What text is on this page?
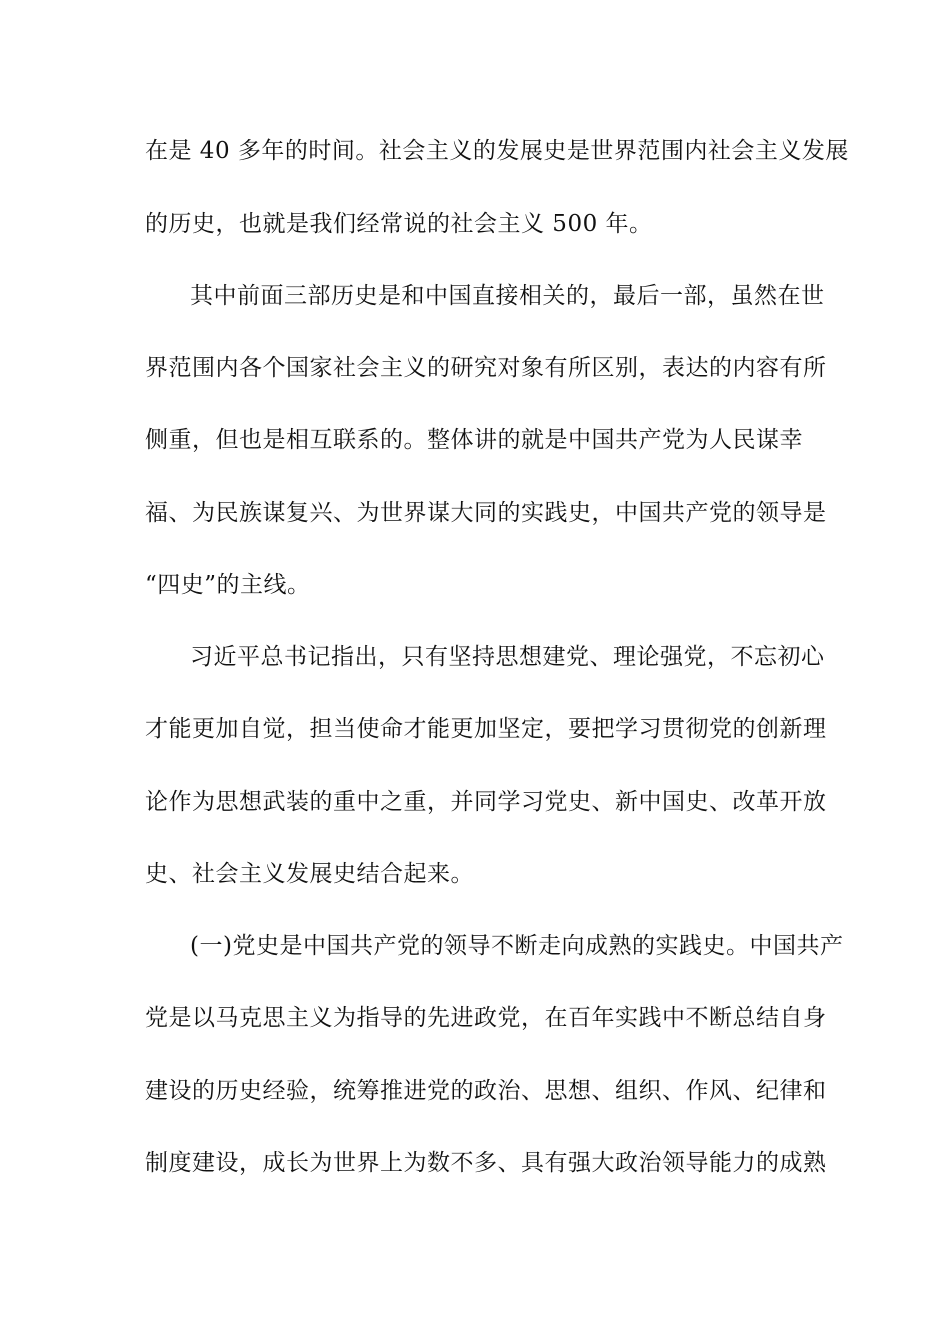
在是 40 多年的时间。社会主义的发展史是世界范围内社会主义发展
的历史，也就是我们经常说的社会主义 500 年。
其中前面三部历史是和中国直接相关的，最后一部，虽然在世
界范围内各个国家社会主义的研究对象有所区别，表达的内容有所
侧重，但也是相互联系的。整体讲的就是中国共产党为人民谋幸
福、为民族谋复兴、为世界谋大同的实践史，中国共产党的领导是
“四史”的主线。
习近平总书记指出，只有坚持思想建党、理论强党，不忘初心
才能更加自觉，担当使命才能更加坚定，要把学习贯彻党的创新理
论作为思想武装的重中之重，并同学习党史、新中国史、改革开放
史、社会主义发展史结合起来。
(一)党史是中国共产党的领导不断走向成熟的实践史。中国共产
党是以马克思主义为指导的先进政党，在百年实践中不断总结自身
建设的历史经验，统筹推进党的政治、思想、组织、作风、纪律和
制度建设，成长为世界上为数不多、具有强大政治领导能力的成熟
